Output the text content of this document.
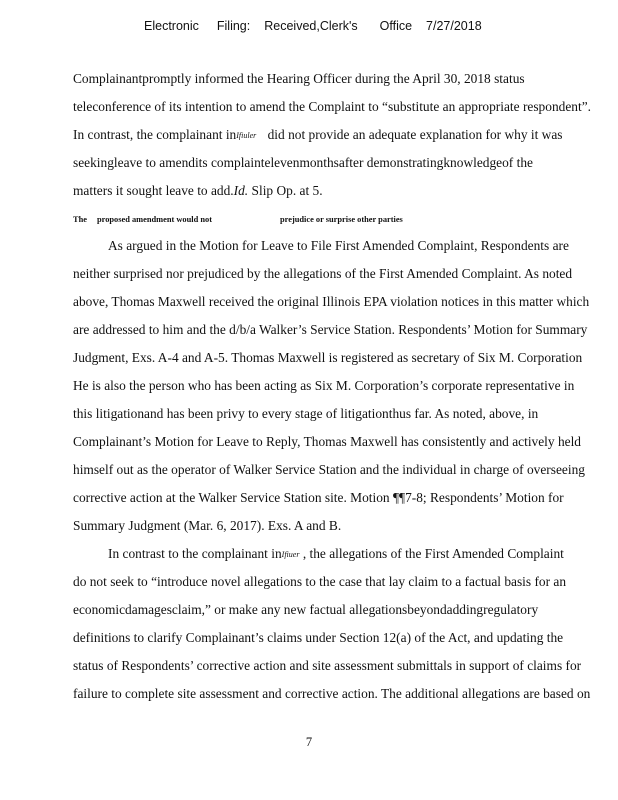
Electronic Filing: Received,Clerk's Office 7/27/2018
Complainantpromptly informed the Hearing Officer during the April 30, 2018 status
teleconference of its intention to amend the Complaint to “substitute an appropriate respondent”.
In contrast, the complainant inIfiuler did not provide an adequate explanation for why it was
seekingleave to amendits complaintelevenmonthsafter demonstratingknowledgeof the
matters it sought leave to add.Id. Slip Op. at 5.
The proposed amendment would not	prejudice or surprise other parties
As argued in the Motion for Leave to File First Amended Complaint, Respondents are
neither surprised nor prejudiced by the allegations of the First Amended Complaint. As noted
above, Thomas Maxwell received the original Illinois EPA violation notices in this matter which
are addressed to him and the d/b/a Walker’s Service Station. Respondents’ Motion for Summary
Judgment, Exs. A-4 and A-5. Thomas Maxwell is registered as secretary of Six M. Corporation
He is also the person who has been acting as Six M. Corporation’s corporate representative in
this litigationand has been privy to every stage of litigationthus far. As noted, above, in
Complainant’s Motion for Leave to Reply, Thomas Maxwell has consistently and actively held
himself out as the operator of Walker Service Station and the individual in charge of overseeing
corrective action at the Walker Service Station site. Motion ¶¶7-8; Respondents’ Motion for
Summary Judgment (Mar. 6, 2017). Exs. A and B.
In contrast to the complainant inIfiuer , the allegations of the First Amended Complaint
do not seek to “introduce novel allegations to the case that lay claim to a factual basis for an
economicdamagesclaim,” or make any new factual allegationsbeyondaddingregulatory
definitions to clarify Complainant’s claims under Section 12(a) of the Act, and updating the
status of Respondents’ corrective action and site assessment submittals in support of claims for
failure to complete site assessment and corrective action. The additional allegations are based on
7
